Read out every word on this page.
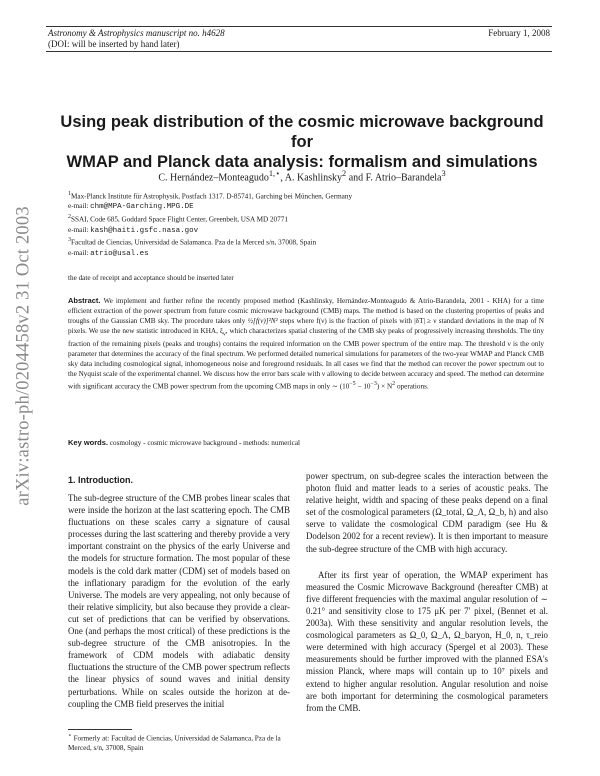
Astronomy & Astrophysics manuscript no. h4628
(DOI: will be inserted by hand later)
February 1, 2008
arXiv:astro-ph/0204458v2 31 Oct 2003
Using peak distribution of the cosmic microwave background for
WMAP and Planck data analysis: formalism and simulations
C. Hernández–Monteagudo$^{1,⋆}$, A. Kashlinsky$^2$ and F. Atrio–Barandela$^3$
$^1$Max-Planck Institute für Astrophysik, Postfach 1317. D-85741, Garching bei München, Germany
e-mail: chm@MPA-Garching.MPG.DE
$^2$SSAI, Code 685, Goddard Space Flight Center, Greenbelt, USA MD 20771
e-mail: kash@haiti.gsfc.nasa.gov
$^3$Facultad de Ciencias, Universidad de Salamanca. Pza de la Merced s/n, 37008, Spain
e-mail: atrio@usal.es
the date of receipt and acceptance should be inserted later
Abstract. We implement and further refine the recently proposed method (Kashlinsky, Hernández-Monteagudo & Atrio-Barandela, 2001 - KHA) for a time efficient extraction of the power spectrum from future cosmic microwave background (CMB) maps. The method is based on the clustering properties of peaks and troughs of the Gaussian CMB sky. The procedure takes only ½[f(ν)]²N² steps where f(ν) is the fraction of pixels with |δT| ≥ ν standard deviations in the map of N pixels. We use the new statistic introduced in KHA, $\xi_\nu$, which characterizes spatial clustering of the CMB sky peaks of progressively increasing thresholds. The tiny fraction of the remaining pixels (peaks and troughs) contains the required information on the CMB power spectrum of the entire map. The threshold ν is the only parameter that determines the accuracy of the final spectrum. We performed detailed numerical simulations for parameters of the two-year WMAP and Planck CMB sky data including cosmological signal, inhomogeneous noise and foreground residuals. In all cases we find that the method can recover the power spectrum out to the Nyquist scale of the experimental channel. We discuss how the error bars scale with ν allowing to decide between accuracy and speed. The method can determine with significant accuracy the CMB power spectrum from the upcoming CMB maps in only ∼ $(10^{-5} - 10^{-3}) \times N^2$ operations.
Key words. cosmology - cosmic microwave background - methods: numerical
1. Introduction.
The sub-degree structure of the CMB probes linear scales that were inside the horizon at the last scattering epoch. The CMB fluctuations on these scales carry a signature of causal processes during the last scattering and thereby provide a very important constraint on the physics of the early Universe and the models for structure formation. The most popular of these models is the cold dark matter (CDM) set of models based on the inflationary paradigm for the evolution of the early Universe. The models are very appealing, not only because of their relative simplicity, but also because they provide a clear-cut set of predictions that can be verified by observations. One (and perhaps the most critical) of these predictions is the sub-degree structure of the CMB anisotropies. In the framework of CDM models with adiabatic density fluctuations the structure of the CMB power spectrum reflects the linear physics of sound waves and initial density perturbations. While on scales outside the horizon at de-coupling the CMB field preserves the initial
power spectrum, on sub-degree scales the interaction between the photon fluid and matter leads to a series of acoustic peaks. The relative height, width and spacing of these peaks depend on a final set of the cosmological parameters (Ω_total, Ω_Λ, Ω_b, h) and also serve to validate the cosmological CDM paradigm (see Hu & Dodelson 2002 for a recent review). It is then important to measure the sub-degree structure of the CMB with high accuracy.
After its first year of operation, the WMAP experiment has measured the Cosmic Microwave Background (hereafter CMB) at five different frequencies with the maximal angular resolution of ∼ 0.21° and sensitivity close to 175 μK per 7′ pixel, (Bennet et al. 2003a). With these sensitivity and angular resolution levels, the cosmological parameters as Ω_0, Ω_Λ, Ω_baryon, H_0, n, τ_reio were determined with high accuracy (Spergel et al 2003). These measurements should be further improved with the planned ESA's mission Planck, where maps will contain up to 10⁷ pixels and extend to higher angular resolution. Angular resolution and noise are both important for determining the cosmological parameters from the CMB.
⋆ Formerly at: Facultad de Ciencias, Universidad de Salamanca, Pza de la Merced, s/n, 37008, Spain
